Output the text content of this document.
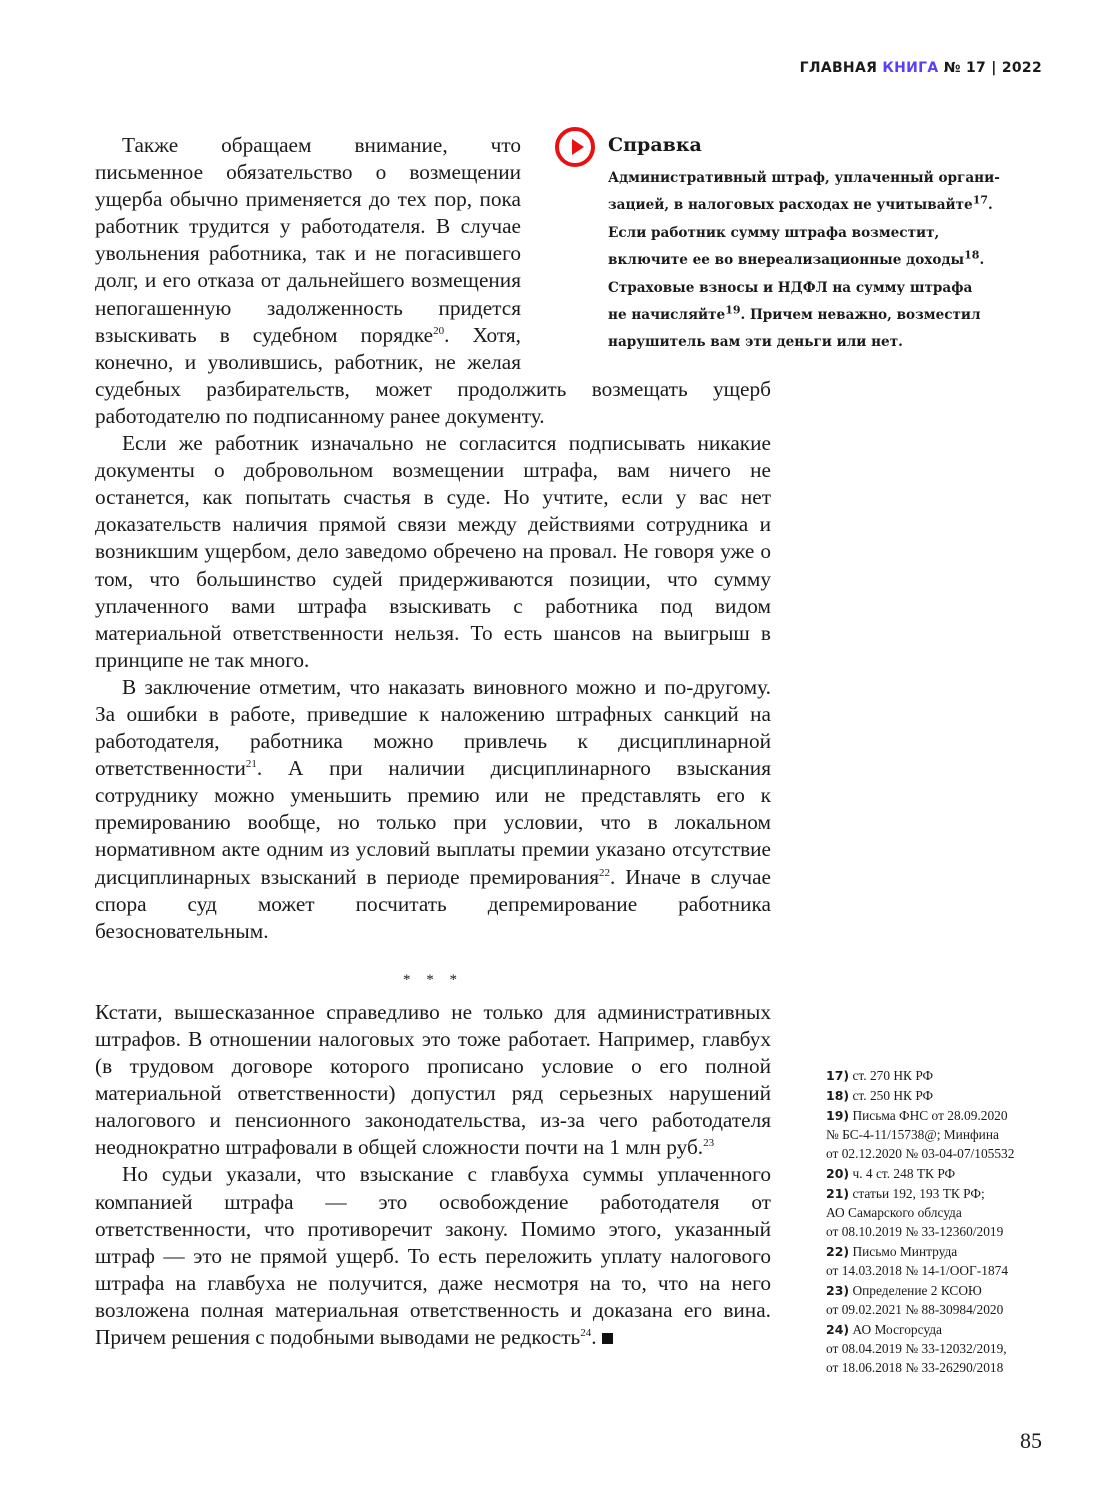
ГЛАВНАЯ КНИГА № 17 | 2022
Справка
Административный штраф, уплаченный органи-
зацией, в налоговых расходах не учитывайте$^{17}$.
Если работник сумму штрафа возместит,
включите ее во внереализационные доходы$^{18}$.
Страховые взносы и НДФЛ на сумму штрафа
не начисляйте$^{19}$. Причем неважно, возместил
нарушитель вам эти деньги или нет.

Также обращаем внимание, что письменное обязательство о возмещении ущерба обычно применяется до тех пор, пока работник трудится у работодателя. В случае увольнения работника, так и не погасившего долг, и его отказа от дальнейшего возмещения непогашенную задолженность придется взыскивать в судебном порядке$^{20}$. Хотя, конечно, и уволившись, работник, не желая судебных разбирательств, может продолжить возмещать ущерб работодателю по подписанному ранее документу.

Если же работник изначально не согласится подписывать никакие документы о добровольном возмещении штрафа, вам ничего не останется, как попытать счастья в суде. Но учтите, если у вас нет доказательств наличия прямой связи между действиями сотрудника и возникшим ущербом, дело заведомо обречено на провал. Не говоря уже о том, что большинство судей придерживаются позиции, что сумму уплаченного вами штрафа взыскивать с работника под видом материальной ответственности нельзя. То есть шансов на выигрыш в принципе не так много.

В заключение отметим, что наказать виновного можно и по-другому. За ошибки в работе, приведшие к наложению штрафных санкций на работодателя, работника можно привлечь к дисциплинарной ответственности$^{21}$. А при наличии дисциплинарного взыскания сотруднику можно уменьшить премию или не представлять его к премированию вообще, но только при условии, что в локальном нормативном акте одним из условий выплаты премии указано отсутствие дисциплинарных взысканий в периоде премирования$^{22}$. Иначе в случае спора суд может посчитать депремирование работника безосновательным.

* * *

Кстати, вышесказанное справедливо не только для административных штрафов. В отношении налоговых это тоже работает. Например, главбух (в трудовом договоре которого прописано условие о его полной материальной ответственности) допустил ряд серьезных нарушений налогового и пенсионного законодательства, из-за чего работодателя неоднократно штрафовали в общей сложности почти на 1 млн руб.$^{23}$

Но судьи указали, что взыскание с главбуха суммы уплаченного компанией штрафа — это освобождение работодателя от ответственности, что противоречит закону. Помимо этого, указанный штраф — это не прямой ущерб. То есть переложить уплату налогового штрафа на главбуха не получится, даже несмотря на то, что на него возложена полная материальная ответственность и доказана его вина. Причем решения с подобными выводами не редкость$^{24}$.

17) ст. 270 НК РФ
18) ст. 250 НК РФ
19) Письма ФНС от 28.09.2020
№ БС-4-11/15738@; Минфина
от 02.12.2020 № 03-04-07/105532
20) ч. 4 ст. 248 ТК РФ
21) статьи 192, 193 ТК РФ;
АО Самарского облсуда
от 08.10.2019 № 33-12360/2019
22) Письмо Минтруда
от 14.03.2018 № 14-1/ООГ-1874
23) Определение 2 КСОЮ
от 09.02.2021 № 88-30984/2020
24) АО Мосгорсуда
от 08.04.2019 № 33-12032/2019,
от 18.06.2018 № 33-26290/2018
85
